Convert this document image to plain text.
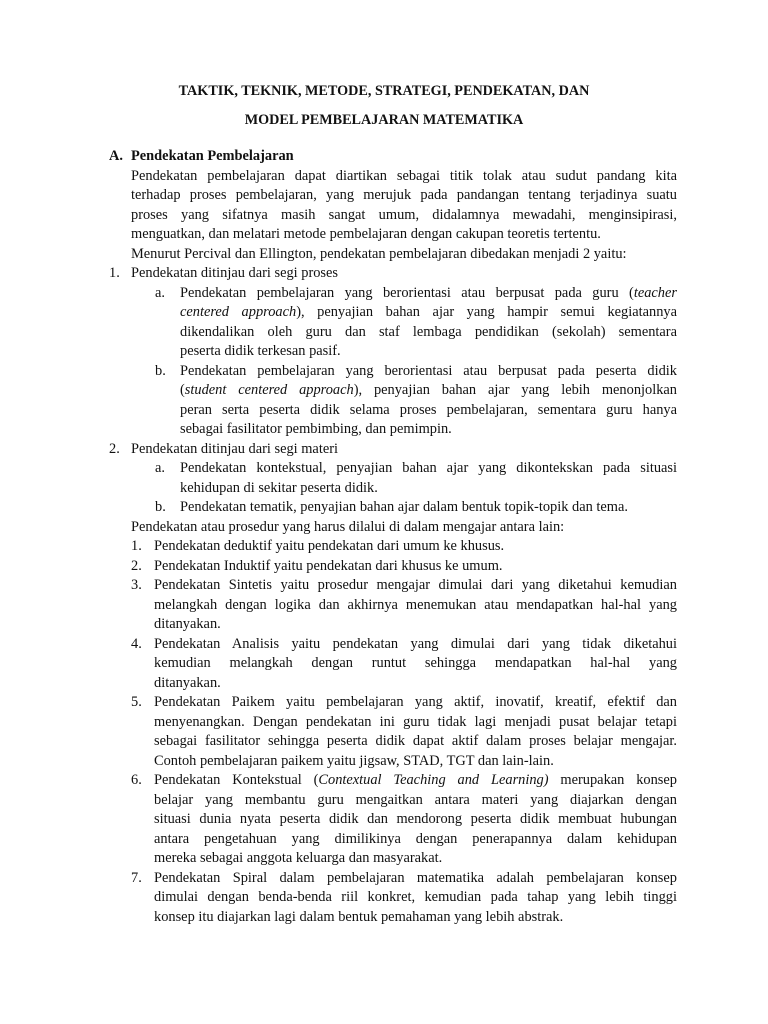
TAKTIK, TEKNIK, METODE, STRATEGI, PENDEKATAN, DAN
MODEL PEMBELAJARAN MATEMATIKA
A. Pendekatan Pembelajaran
Pendekatan pembelajaran dapat diartikan sebagai titik tolak atau sudut pandang kita
terhadap proses pembelajaran, yang merujuk pada pandangan tentang terjadinya suatu
proses yang sifatnya masih sangat umum, didalamnya mewadahi, menginsipirasi,
menguatkan, dan melatari metode pembelajaran dengan cakupan teoretis tertentu.
Menurut Percival dan Ellington, pendekatan pembelajaran dibedakan menjadi 2 yaitu:
1. Pendekatan ditinjau dari segi proses
a. Pendekatan pembelajaran yang berorientasi atau berpusat pada guru (teacher
centered approach), penyajian bahan ajar yang hampir semui kegiatannya
dikendalikan oleh guru dan staf lembaga pendidikan (sekolah) sementara
peserta didik terkesan pasif.
b. Pendekatan pembelajaran yang berorientasi atau berpusat pada peserta didik
(student centered approach), penyajian bahan ajar yang lebih menonjolkan
peran serta peserta didik selama proses pembelajaran, sementara guru hanya
sebagai fasilitator pembimbing, dan pemimpin.
2. Pendekatan ditinjau dari segi materi
a. Pendekatan kontekstual, penyajian bahan ajar yang dikontekskan pada situasi
kehidupan di sekitar peserta didik.
b. Pendekatan tematik, penyajian bahan ajar dalam bentuk topik-topik dan tema.
Pendekatan atau prosedur yang harus dilalui di dalam mengajar antara lain:
1. Pendekatan deduktif yaitu pendekatan dari umum ke khusus.
2. Pendekatan Induktif yaitu pendekatan dari khusus ke umum.
3. Pendekatan Sintetis yaitu prosedur mengajar dimulai dari yang diketahui kemudian
melangkah dengan logika dan akhirnya menemukan atau mendapatkan hal-hal yang
ditanyakan.
4. Pendekatan Analisis yaitu pendekatan yang dimulai dari yang tidak diketahui
kemudian melangkah dengan runtut sehingga mendapatkan hal-hal yang
ditanyakan.
5. Pendekatan Paikem yaitu pembelajaran yang aktif, inovatif, kreatif, efektif dan
menyenangkan. Dengan pendekatan ini guru tidak lagi menjadi pusat belajar tetapi
sebagai fasilitator sehingga peserta didik dapat aktif dalam proses belajar mengajar.
Contoh pembelajaran paikem yaitu jigsaw, STAD, TGT dan lain-lain.
6. Pendekatan Kontekstual (Contextual Teaching and Learning) merupakan konsep
belajar yang membantu guru mengaitkan antara materi yang diajarkan dengan
situasi dunia nyata peserta didik dan mendorong peserta didik membuat hubungan
antara pengetahuan yang dimilikinya dengan penerapannya dalam kehidupan
mereka sebagai anggota keluarga dan masyarakat.
7. Pendekatan Spiral dalam pembelajaran matematika adalah pembelajaran konsep
dimulai dengan benda-benda riil konkret, kemudian pada tahap yang lebih tinggi
konsep itu diajarkan lagi dalam bentuk pemahaman yang lebih abstrak.
